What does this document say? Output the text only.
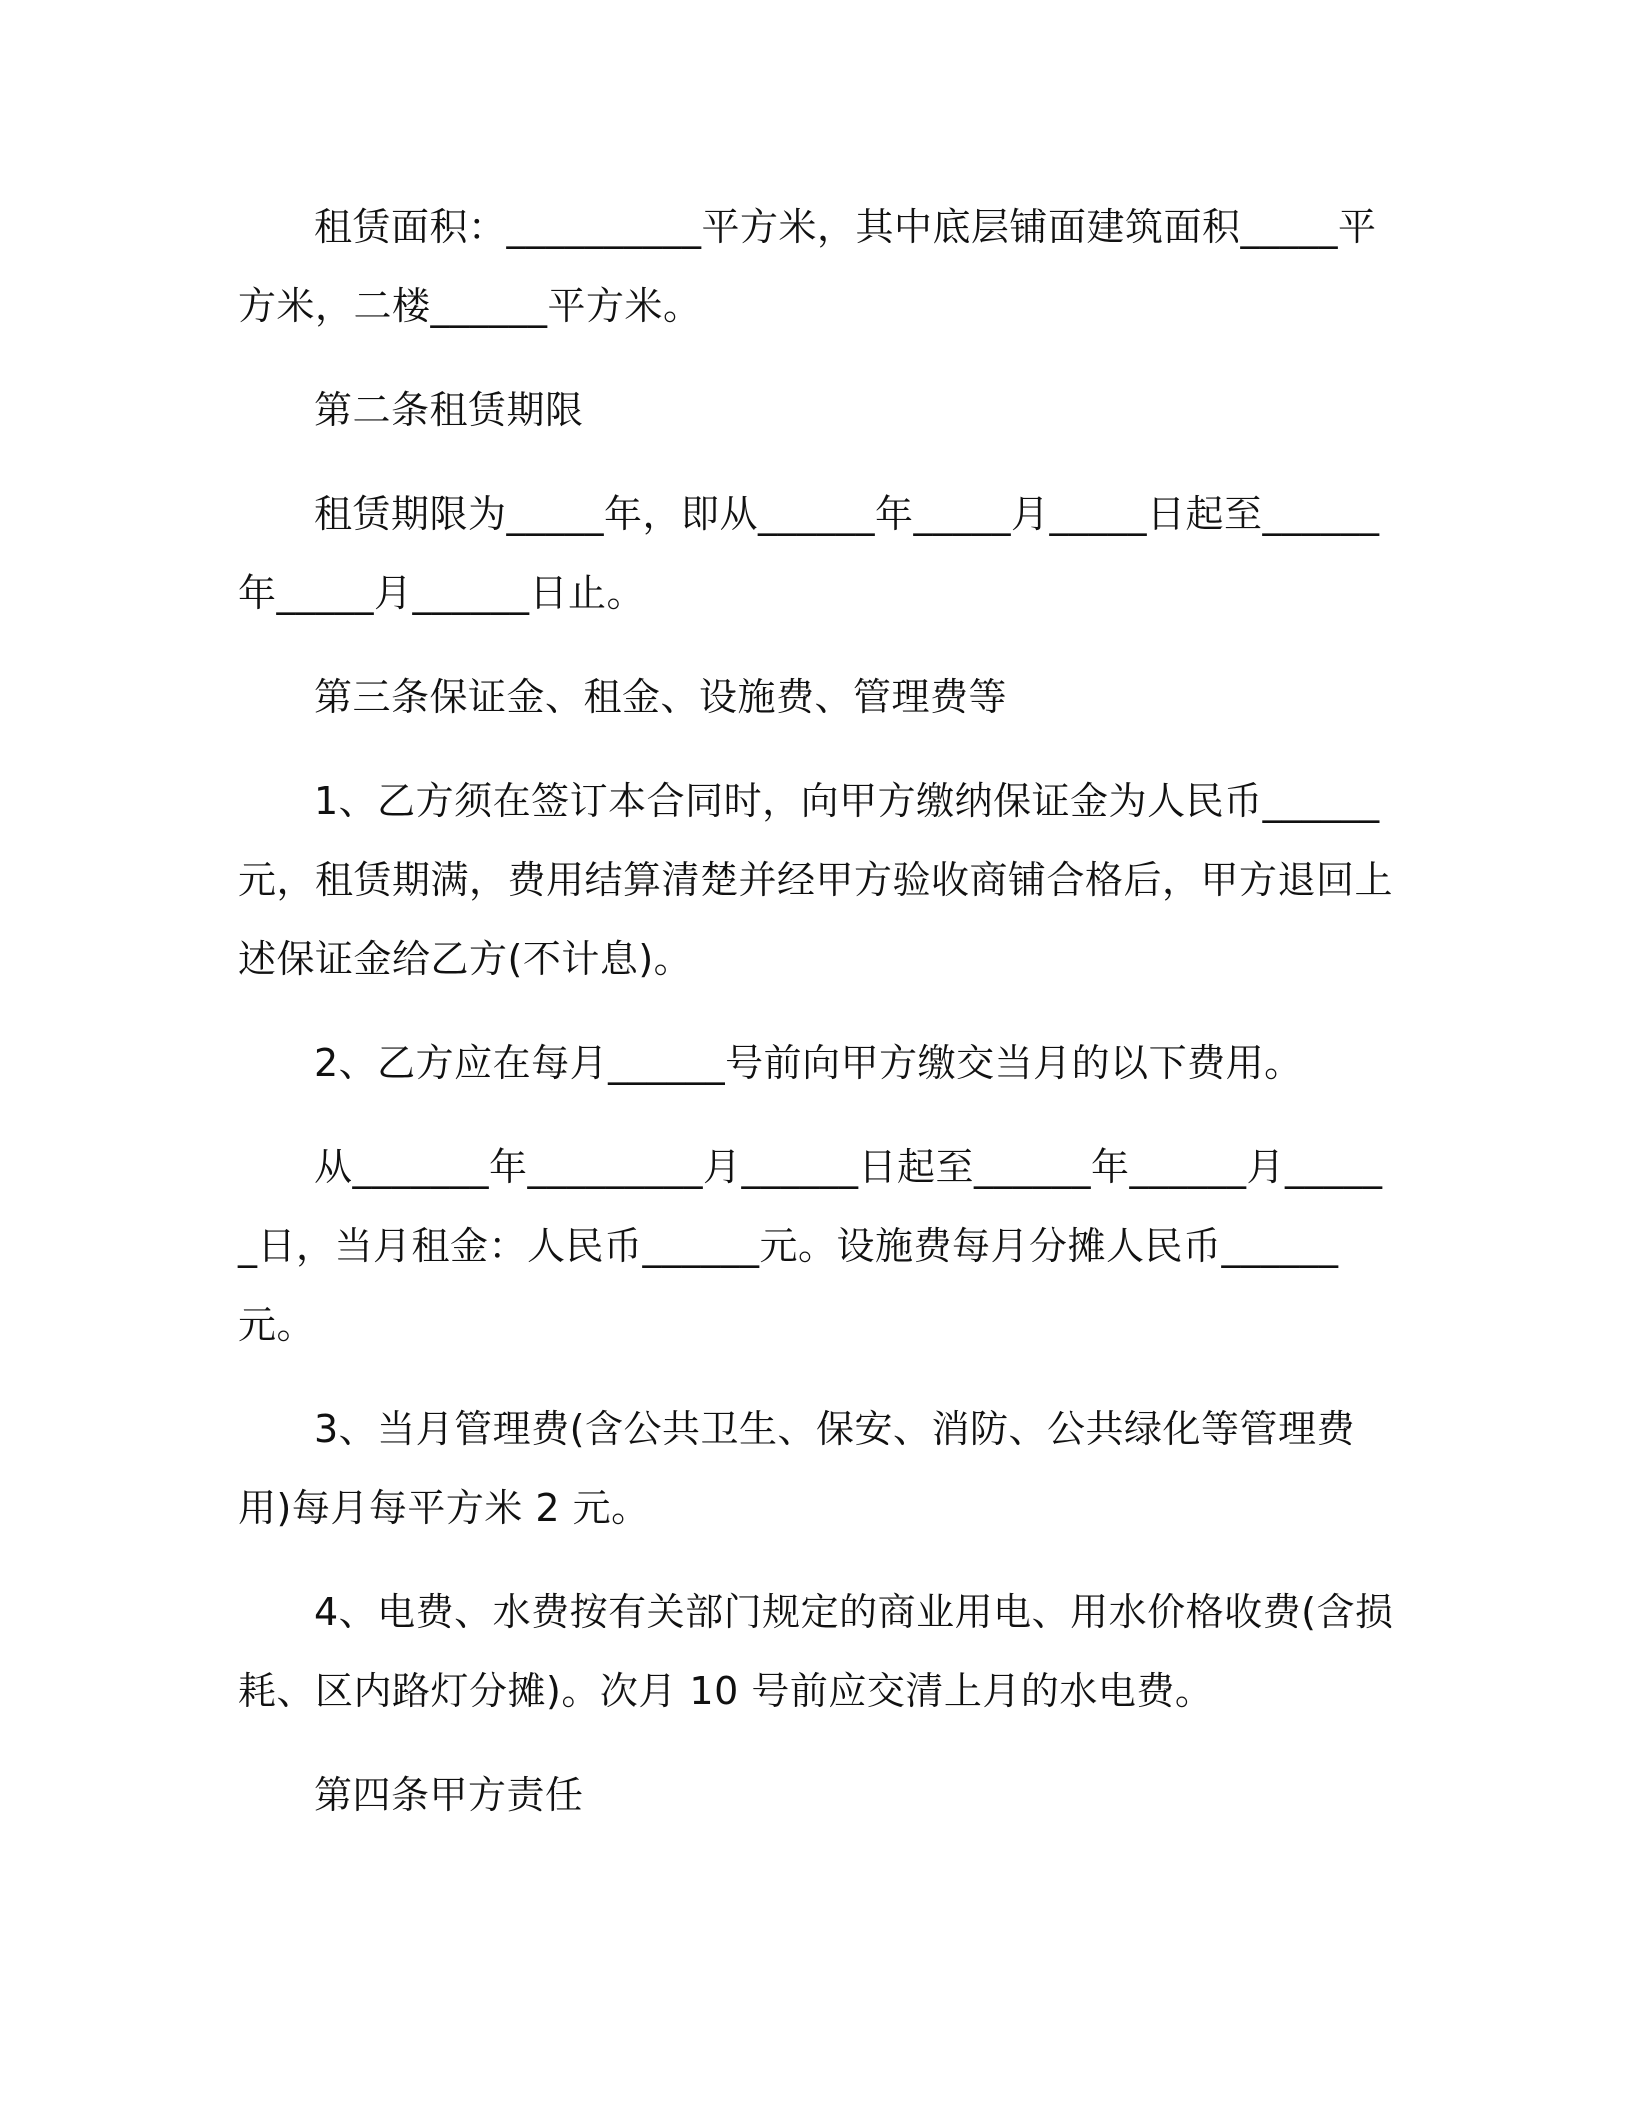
租赁面积：__________平方米，其中底层铺面建筑面积_____平方米，二楼______平方米。

第二条租赁期限

租赁期限为_____年，即从______年_____月_____日起至______年_____月______日止。

第三条保证金、租金、设施费、管理费等

1、乙方须在签订本合同时，向甲方缴纳保证金为人民币______元，租赁期满，费用结算清楚并经甲方验收商铺合格后，甲方退回上述保证金给乙方(不计息)。

2、乙方应在每月______号前向甲方缴交当月的以下费用。

从_______年_________月______日起至______年______月______日，当月租金：人民币______元。设施费每月分摊人民币______元。

3、当月管理费(含公共卫生、保安、消防、公共绿化等管理费用)每月每平方米 2 元。

4、电费、水费按有关部门规定的商业用电、用水价格收费(含损耗、区内路灯分摊)。次月 10 号前应交清上月的水电费。

第四条甲方责任
